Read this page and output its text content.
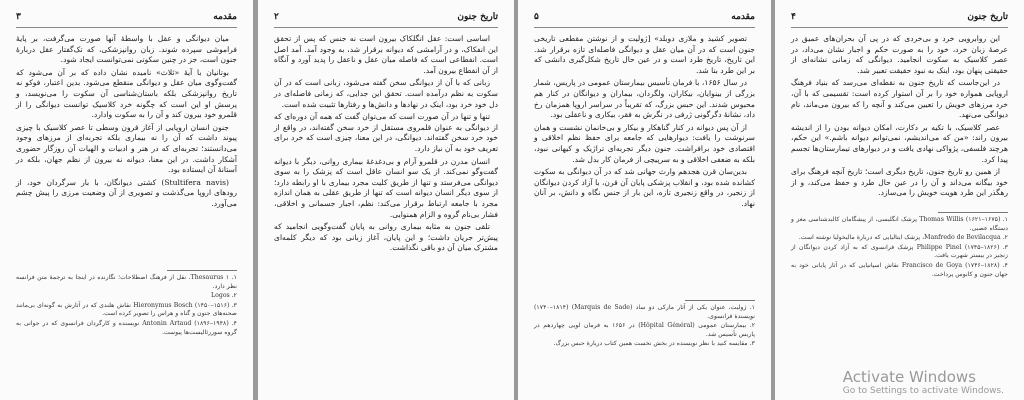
مقدمه
۳

میان دیوانگی و عقل با واسطهٔ آنها صورت می‌گرفت، بر پایهٔ فراموشی سپرده شوند. زبان روانپزشکی، که تک‌گفتار عقل دربارهٔ جنون است، جز در چنین سکوتی نمی‌توانست ایجاد شود.

بوتانیان با آیهٔ «ثلاث» نامیده نشان داده که بر آن می‌شود که گفت‌وگوی میان عقل و دیوانگی منقطع می‌شود. بدین اعتبار، فوکو نه تاریخ روانپزشکی بلکه باستان‌شناسی آن سکوت را می‌نویسد، و پرسش او این است که چگونه خرد کلاسیک توانست دیوانگی را از قلمرو خود بیرون کند و آن را به سکوت وادارد.

جنون انسان اروپایی از آغاز قرون وسطی تا عصر کلاسیک با چیزی پیوند داشت که آن را نه بیماری بلکه تجربه‌ای از مرزهای وجود می‌دانستند؛ تجربه‌ای که در هنر و ادبیات و الهیات آن روزگار حضوری آشکار داشت. در این معنا، دیوانه نه بیرون از نظم جهان، بلکه در آستانهٔ آن ایستاده بود.

(Stultifera navis) کشتی دیوانگان، با بار سرگردان خود، از رودهای اروپا می‌گذشت و تصویری از آن وضعیت مرزی را پیش چشم می‌آورد.

۱. Thesaurus ۱. نقل از فرهنگ اصطلاحات؛ نگارنده در اینجا به ترجمهٔ متن فرانسه نظر دارد.
۲. Logos
۳. Hieronymus Bosch (۱۴۵۰–۱۵۱۶) نقاش هلندی که در آثارش به گونه‌ای بی‌مانند صحنه‌های جنون و گناه و هراس را تصویر کرده است.
۴. Antonin Artaud (۱۸۹۶–۱۹۴۸) نویسنده و کارگردان فرانسوی که در جوانی به گروه سوررئالیست‌ها پیوست.
تاریخ جنون
۲

اساسی است: عقل انگلکاک بیرون است نه جنس که پس از تحقق این انفکاک، و در آرامشی که دیوانه برقرار شد، به وجود آمد. آمد اصل است. انفطاعی است که فاصله میان عقل و نا‌عقل را پدید آورد و آنگاه از آن انفطاع بیرون آمد.

زبانی که با آن از دیوانگی سخن گفته می‌شود، زبانی است که در آن سکوت به نظم درآمده است. تحقق این جدایی، که زمانی فاصله‌ای در دل خود خرد بود، اینک در نهادها و دانش‌ها و رفتارها تثبیت شده است.

تنها و تنها در آن صورت است که می‌توان گفت که همه آن دوره‌ای که از دیوانگی به عنوان قلمروی مستقل از خرد سخن گفته‌اند، در واقع از خود خرد سخن گفته‌اند. دیوانگی، در این معنا، چیزی است که خرد برای تعریف خود به آن نیاز دارد.

انسان مدرن در قلمرو آرام و بی‌دغدغهٔ بیماری روانی، دیگر با دیوانه گفت‌وگو نمی‌کند. از یک سو انسان عاقل است که پزشک را به سوی دیوانگی می‌فرستد و تنها از طریق کلیت مجرد بیماری با او رابطه دارد؛ از سوی دیگر انسان دیوانه است که تنها از طریق عقلی به همان اندازه مجرد با جامعه ارتباط برقرار می‌کند: نظم، اجبار جسمانی و اخلاقی، فشار بی‌نام گروه و الزام همنوایی.

تلقی جنون به مثابه بیماری روانی به پایان گفت‌وگویی انجامید که پیش‌تر جریان داشت؛ و این پایان، آغاز زبانی بود که دیگر کلمه‌ای مشترک میان آن دو باقی نگذاشت.

مقدمه
۵

تصویر کشید و ملازی دوبلد» [ژولیت و از نوشتن مقطعی تاریخی جنون است که در آن میان عقل و دیوانگی فاصله‌ای تازه برقرار شد. این تاریخ، تاریخ طرد است و در عین حال تاریخ شکل‌گیری دانشی که بر این طرد بنا شد.

در سال ۱۶۵۶، با فرمان تأسیس بیمارستان عمومی در پاریس، شمار بزرگی از بینوایان، بیکاران، ولگردان، بیماران و دیوانگان در کنار هم محبوس شدند. این حبس بزرگ، که تقریباً در سراسر اروپا همزمان رخ داد، نشانهٔ دگرگونی ژرفی در نگرش به فقر، بیکاری و نا‌عقلی بود.

از آن پس دیوانه در کنار گناهکار و بیکار و بی‌خانمان نشست و همان سرنوشت را یافت: دیوارهایی که جامعه برای حفظ نظم اخلاقی و اقتصادی خود برافراشت. جنون دیگر تجربه‌ای تراژیک و کیهانی نبود، بلکه به ضعفی اخلاقی و به سرپیچی از فرمان کار بدل شد.

بدین‌سان قرن هجدهم وارث جهانی شد که در آن دیوانگی به سکوت کشانده شده بود، و انقلاب پزشکی پایان آن قرن، با آزاد کردن دیوانگان از زنجیر، در واقع زنجیری تازه، این بار از جنس نگاه و دانش، بر آنان نهاد.

۱. ژولیت، عنوان یکی از آثار مارکی دو ساد (Marquis de Sade) (۱۷۴۰–۱۸۱۴) نویسندهٔ فرانسوی.
۲. بیمارستان عمومی (Hôpital Général) در ۱۶۵۶ به فرمان لویی چهاردهم در پاریس تأسیس شد.
۳. مقایسه کنید با نظر نویسنده در بخش نخست همین کتاب دربارهٔ حبس بزرگ.
تاریخ جنون
۴

این روابرویی خرد و بی‌خردی که در پی آن بحران‌های عمیق در عرصهٔ زبان خرد، خود را به صورت حکم و اجبار نشان می‌داد، در عصر کلاسیک به سکوت انجامید. دیوانگی که زمانی نشانه‌ای از حقیقتی پنهان بود، اینک به نبود حقیقت تعبیر شد.

در این‌جاست که تاریخ جنون به نقطه‌ای می‌رسد که بنیاد فرهنگ اروپایی همواره خود را بر آن استوار کرده است: تقسیمی که با آن، خرد مرزهای خویش را تعیین می‌کند و آنچه را که بیرون می‌ماند، نام دیوانگی می‌نهد.

عصر کلاسیک، با تکیه بر دکارت، امکان دیوانه بودن را از اندیشه بیرون راند: «من که می‌اندیشم، نمی‌توانم دیوانه باشم.» این حکم، هرچند فلسفی، پژواکی نهادی یافت و در دیوارهای تیمارستان‌ها تجسم پیدا کرد.

از همین رو تاریخ جنون، تاریخ دیگری است؛ تاریخ آنچه فرهنگ برای خود بیگانه می‌داند و آن را در عین حال طرد و حفظ می‌کند، و از رهگذر این طرد هویت خویش را می‌سازد.

۱. Thomas Willis (۱۶۲۱–۱۶۷۵) پزشک انگلیسی، از پیشگامان کالبدشناسی مغز و دستگاه عصبی.
۲. Manfredo de Bevilacqua، پزشک ایتالیایی که دربارهٔ مالیخولیا نوشته است.
۳. Philippe Pinel (۱۷۴۵–۱۸۲۶) پزشک فرانسوی که به آزاد کردن دیوانگان از زنجیر در بیستر شهرت یافت.
۴. Francisco de Goya (۱۷۴۶–۱۸۲۸) نقاش اسپانیایی که در آثار پایانی خود به جهان جنون و کابوس پرداخت.
Activate Windows
Go to Settings to activate Windows.
